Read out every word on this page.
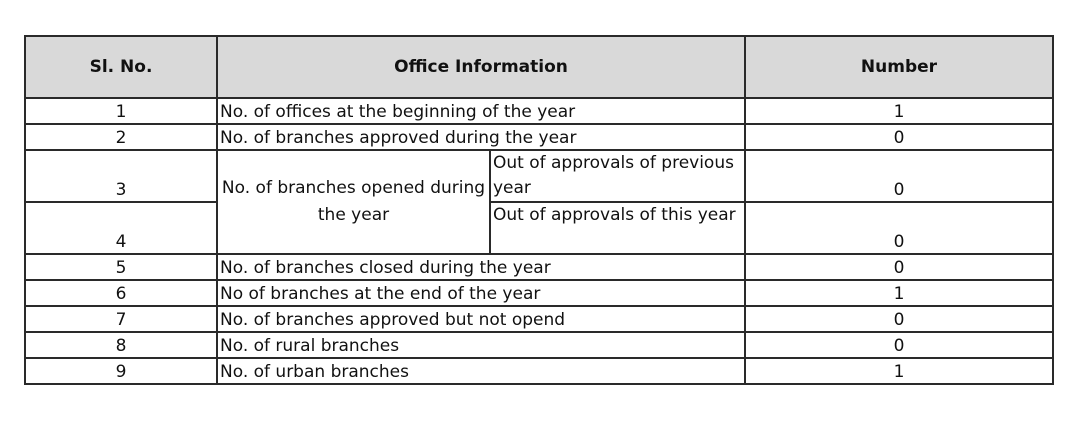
Sl. No.	Office Information		Number
1	No. of offices at the beginning of the year		1
2	No. of branches approved during the year		0
3	No. of branches opened during the year	Out of approvals of previous year	0
4		Out of approvals of this year	0
5	No. of branches closed during the year		0
6	No of branches at the end of the year		1
7	No. of branches approved but not opend		0
8	No. of rural branches		0
9	No. of urban branches		1
